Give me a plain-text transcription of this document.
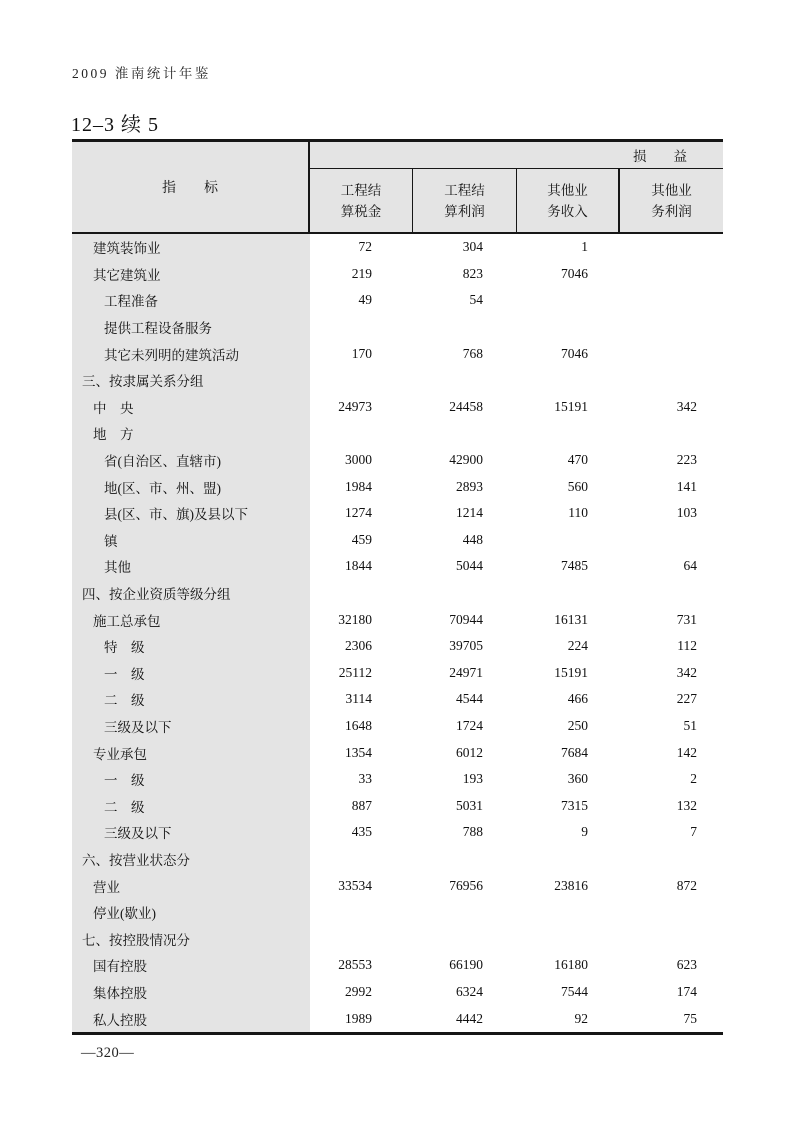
2009 淮南统计年鉴
12–3 续 5
指　　标
损　　益
工程结
算税金
工程结
算利润
其他业
务收入
其他业
务利润
建筑装饰业	72	304	1
其它建筑业	219	823	7046
工程准备	49	54
提供工程设备服务
其它未列明的建筑活动	170	768	7046
三、按隶属关系分组
中　央	24973	24458	15191	342
地　方
省(自治区、直辖市)	3000	42900	470	223
地(区、市、州、盟)	1984	2893	560	141
县(区、市、旗)及县以下	1274	1214	110	103
镇	459	448
其他	1844	5044	7485	64
四、按企业资质等级分组
施工总承包	32180	70944	16131	731
特　级	2306	39705	224	112
一　级	25112	24971	15191	342
二　级	3114	4544	466	227
三级及以下	1648	1724	250	51
专业承包	1354	6012	7684	142
一　级	33	193	360	2
二　级	887	5031	7315	132
三级及以下	435	788	9	7
六、按营业状态分
营业	33534	76956	23816	872
停业(歇业)
七、按控股情况分
国有控股	28553	66190	16180	623
集体控股	2992	6324	7544	174
私人控股	1989	4442	92	75
—320—
